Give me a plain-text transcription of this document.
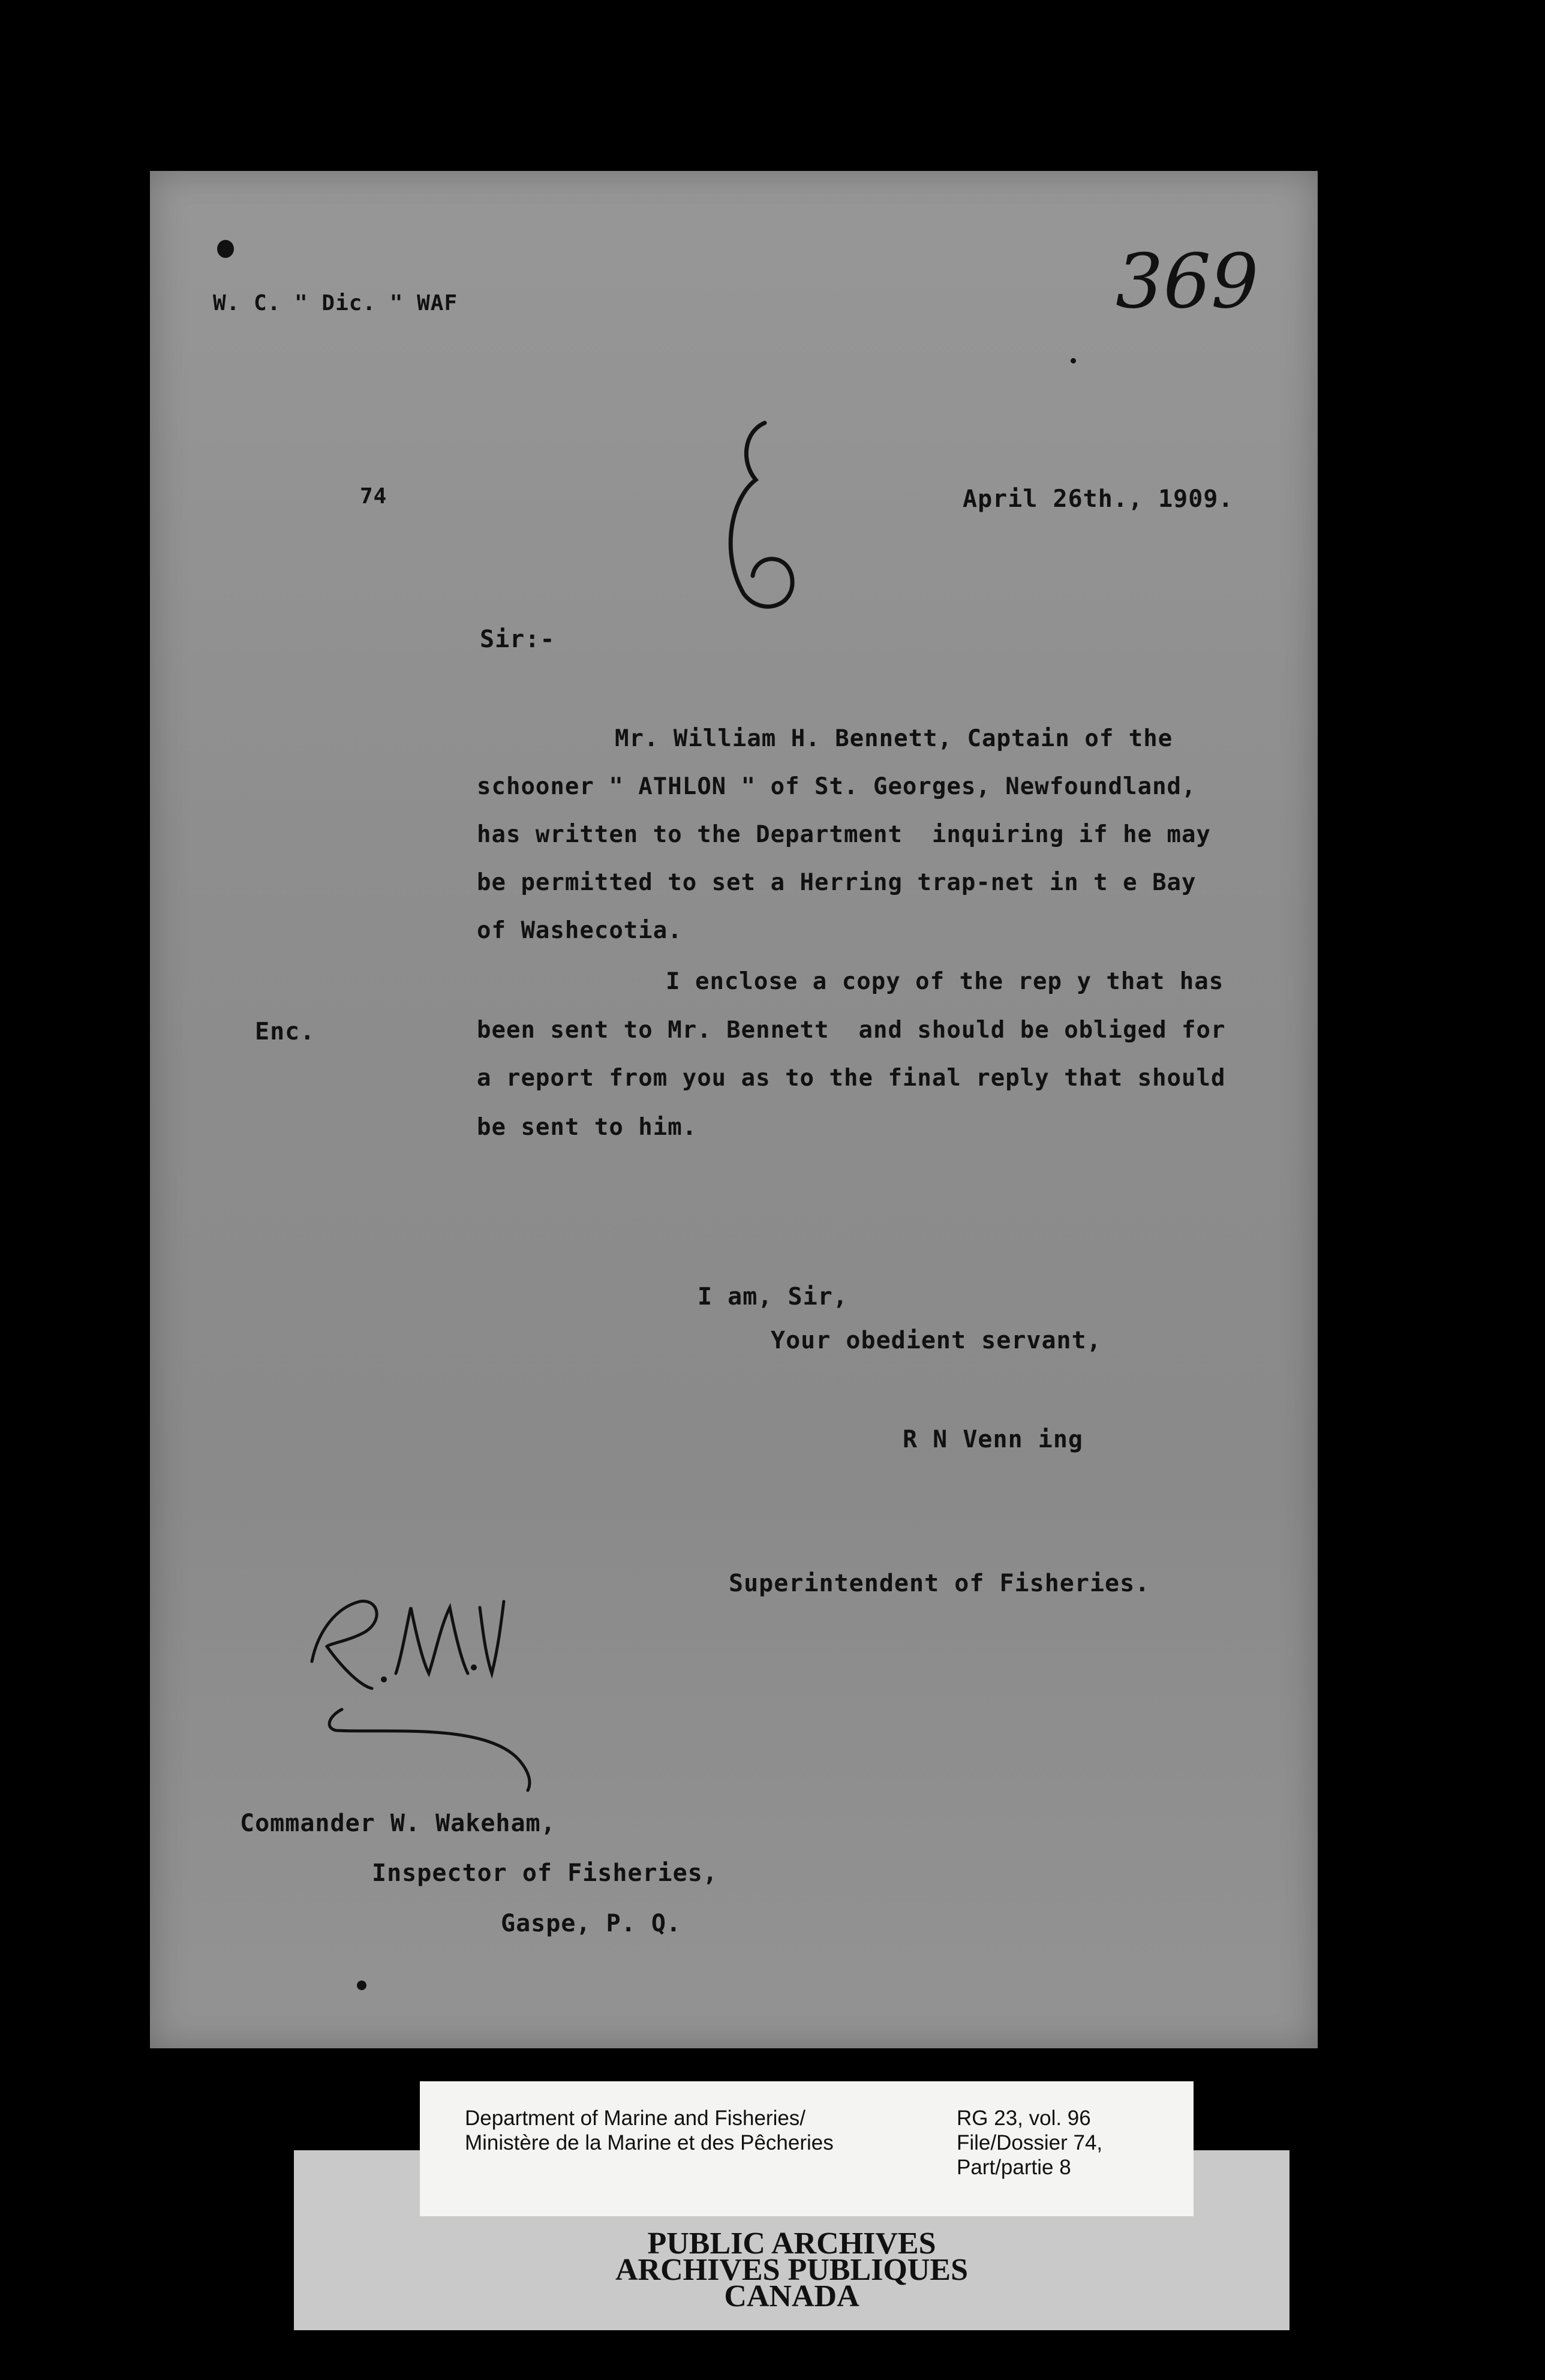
W. C. " Dic. " WAF	369
74	April 26th., 1909.
Sir:-
Mr. William H. Bennett, Captain of the
schooner " ATHLON " of St. Georges, Newfoundland,
has written to the Department  inquiring if he may
be permitted to set a Herring trap-net in t e Bay
of Washecotia.
I enclose a copy of the rep y that has
Enc.	been sent to Mr. Bennett  and should be obliged for
a report from you as to the final reply that should
be sent to him.
I am, Sir,
Your obedient servant,
R N Venn ing
Superintendent of Fisheries.
Commander W. Wakeham,
Inspector of Fisheries,
Gaspe, P. Q.
Department of Marine and Fisheries/
Ministère de la Marine et des Pêcheries
RG 23, vol. 96
File/Dossier 74,
Part/partie 8
PUBLIC ARCHIVES
ARCHIVES PUBLIQUES
CANADA
